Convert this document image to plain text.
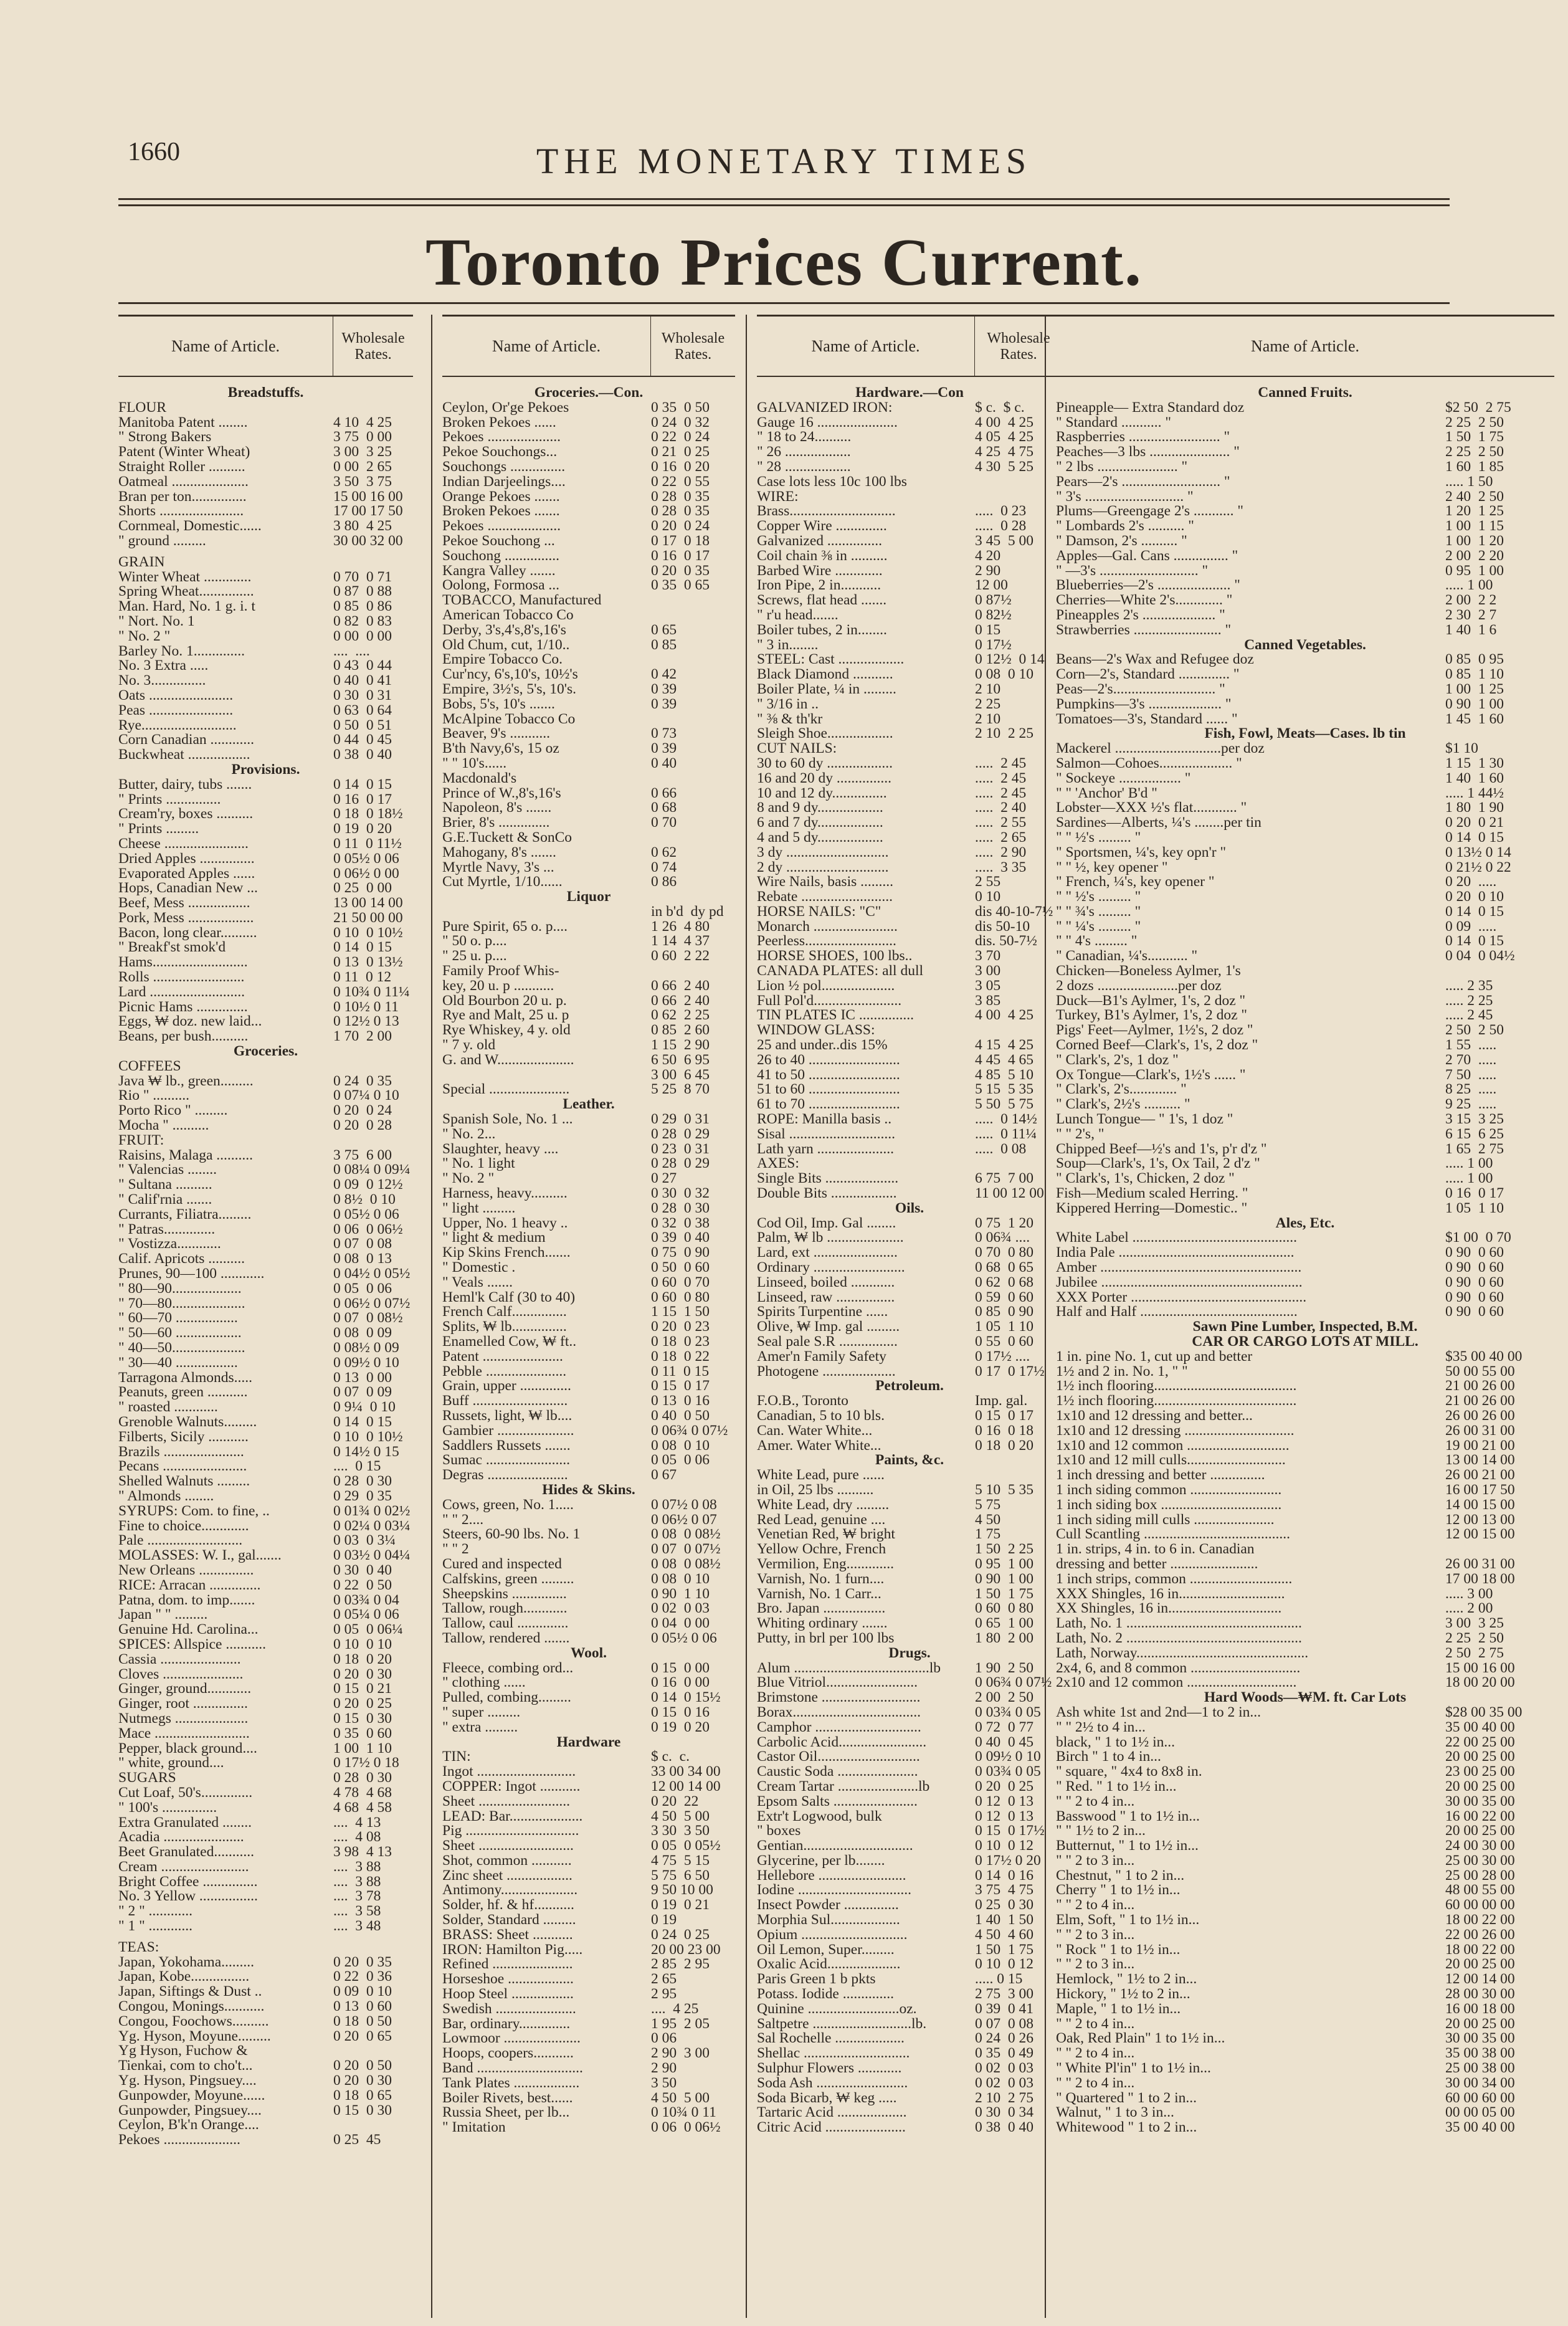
1660	THE MONETARY TIMES
Toronto Prices Current.
Name of Article.	Wholesale Rates.
Breadstuffs.
FLOUR
Manitoba Patent ........	4 10  4 25
" Strong Bakers	3 75  0 00
Patent (Winter Wheat)	3 00  3 25
Straight Roller ..........	0 00  2 65
Oatmeal .....................	3 50  3 75
Bran per ton...............	15 00 16 00
Shorts .......................	17 00 17 50
Cornmeal, Domestic......	3 80  4 25
" ground .........	30 00 32 00
GRAIN
Winter Wheat .............	0 70  0 71
Spring Wheat...............	0 87  0 88
Man. Hard, No. 1 g. i. t	0 85  0 86
" Nort. No. 1	0 82  0 83
" No. 2 "	0 00  0 00
Barley No. 1..............	....  ....
No. 3 Extra .....	0 43  0 44
No. 3...............	0 40  0 41
Oats .......................	0 30  0 31
Peas .......................	0 63  0 64
Rye..........................	0 50  0 51
Corn Canadian ............	0 44  0 45
Buckwheat .................	0 38  0 40
Provisions.
Butter, dairy, tubs .......	0 14  0 15
" Prints ...............	0 16  0 17
Cream'ry, boxes ..........	0 18  0 18½
" Prints .........	0 19  0 20
Cheese .......................	0 11  0 11½
Dried Apples ...............	0 05½ 0 06
Evaporated Apples ......	0 06½ 0 00
Hops, Canadian New ...	0 25  0 00
Beef, Mess .................	13 00 14 00
Pork, Mess ..................	21 50 00 00
Bacon, long clear..........	0 10  0 10½
" Breakf'st smok'd	0 14  0 15
Hams..........................	0 13  0 13½
Rolls .........................	0 11  0 12
Lard ..........................	0 10¾ 0 11¼
Picnic Hams ..............	0 10½ 0 11
Eggs, ₩ doz. new laid...	0 12½ 0 13
Beans, per bush..........	1 70  2 00
Groceries.
COFFEES
Java ₩ lb., green.........	0 24  0 35
Rio " ..........	0 07¼ 0 10
Porto Rico " .........	0 20  0 24
Mocha " ..........	0 20  0 28
FRUIT:
Raisins, Malaga ..........	3 75  6 00
" Valencias ........	0 08¼ 0 09¼
" Sultana ..........	0 09  0 12½
" Calif'rnia .......	0 8½  0 10
Currants, Filiatra.........	0 05½ 0 06
" Patras..............	0 06  0 06½
" Vostizza............	0 07  0 08
Calif. Apricots ..........	0 08  0 13
Prunes, 90—100 ............	0 04½ 0 05½
" 80—90...................	0 05  0 06
" 70—80....................	0 06½ 0 07½
" 60—70 .................	0 07  0 08½
" 50—60 ..................	0 08  0 09
" 40—50....................	0 08½ 0 09
" 30—40 .................	0 09½ 0 10
Tarragona Almonds.....	0 13  0 00
Peanuts, green ...........	0 07  0 09
" roasted ............	0 9¼  0 10
Grenoble Walnuts.........	0 14  0 15
Filberts, Sicily ...........	0 10  0 10½
Brazils ......................	0 14½ 0 15
Pecans .......................	....  0 15
Shelled Walnuts .........	0 28  0 30
" Almonds ........	0 29  0 35
SYRUPS: Com. to fine, ..	0 01¾ 0 02½
Fine to choice.............	0 02¼ 0 03¼
Pale ..........................	0 03  0 3¼
MOLASSES: W. I., gal.......	0 03½ 0 04¼
New Orleans ...............	0 30  0 40
RICE: Arracan ..............	0 22  0 50
Patna, dom. to imp.......	0 03¾ 0 04
Japan " " .........	0 05¼ 0 06
Genuine Hd. Carolina...	0 05  0 06¼
SPICES: Allspice ...........	0 10  0 10
Cassia ......................	0 18  0 20
Cloves ......................	0 20  0 30
Ginger, ground............	0 15  0 21
Ginger, root ...............	0 20  0 25
Nutmegs ....................	0 15  0 30
Mace ..........................	0 35  0 60
Pepper, black ground....	1 00  1 10
" white, ground....	0 17½ 0 18
SUGARS	0 28  0 30
Cut Loaf, 50's..............	4 78  4 68
" 100's ...............	4 68  4 58
Extra Granulated ........	....  4 13
Acadia ......................	....  4 08
Beet Granulated...........	3 98  4 13
Cream ........................	....  3 88
Bright Coffee ...............	....  3 88
No. 3 Yellow ................	....  3 78
" 2 " ............	....  3 58
" 1 " ............	....  3 48
TEAS:
Japan, Yokohama.........	0 20  0 35
Japan, Kobe................	0 22  0 36
Japan, Siftings & Dust ..	0 09  0 10
Congou, Monings...........	0 13  0 60
Congou, Foochows..........	0 18  0 50
Yg. Hyson, Moyune.........	0 20  0 65
Yg Hyson, Fuchow &
Tienkai, com to cho't...	0 20  0 50
Yg. Hyson, Pingsuey....	0 20  0 30
Gunpowder, Moyune......	0 18  0 65
Gunpowder, Pingsuey....	0 15  0 30
Ceylon, B'k'n Orange....
Pekoes .....................	0 25  45
Name of Article.	Wholesale Rates.
Groceries.—Con.
Ceylon, Or'ge Pekoes	0 35  0 50
Broken Pekoes ......	0 24  0 32
Pekoes ....................	0 22  0 24
Pekoe Souchongs...	0 21  0 25
Souchongs ...............	0 16  0 20
Indian Darjeelings....	0 22  0 55
Orange Pekoes .......	0 28  0 35
Broken Pekoes .......	0 28  0 35
Pekoes ....................	0 20  0 24
Pekoe Souchong ...	0 17  0 18
Souchong ...............	0 16  0 17
Kangra Valley .......	0 20  0 35
Oolong, Formosa ...	0 35  0 65
TOBACCO, Manufactured
American Tobacco Co
Derby, 3's,4's,8's,16's	0 65
Old Chum, cut, 1/10..	0 85
Empire Tobacco Co.
Cur'ncy, 6's,10's, 10½'s	0 42
Empire, 3½'s, 5's, 10's.	0 39
Bobs, 5's, 10's .......	0 39
McAlpine Tobacco Co
Beaver, 9's ...........	0 73
B'th Navy,6's, 15 oz	0 39
" " 10's......	0 40
Macdonald's
Prince of W.,8's,16's	0 66
Napoleon, 8's .......	0 68
Brier, 8's ..............	0 70
G.E.Tuckett & SonCo
Mahogany, 8's .......	0 62
Myrtle Navy, 3's ...	0 74
Cut Myrtle, 1/10......	0 86
Liquor
in b'd  dy pd
Pure Spirit, 65 o. p....	1 26  4 80
" 50 o. p....	1 14  4 37
" 25 u. p....	0 60  2 22
Family Proof Whis-
key, 20 u. p ...........	0 66  2 40
Old Bourbon 20 u. p.	0 66  2 40
Rye and Malt, 25 u. p	0 62  2 25
Rye Whiskey, 4 y. old	0 85  2 60
" 7 y. old	1 15  2 90
G. and W.....................	6 50  6 95
3 00  6 45
Special ......................	5 25  8 70
Leather.
Spanish Sole, No. 1 ...	0 29  0 31
" No. 2...	0 28  0 29
Slaughter, heavy ....	0 23  0 31
" No. 1 light	0 28  0 29
" No. 2 "	0 27
Harness, heavy..........	0 30  0 32
" light .........	0 28  0 30
Upper, No. 1 heavy ..	0 32  0 38
" light & medium	0 39  0 40
Kip Skins French.......	0 75  0 90
" Domestic .	0 50  0 60
" Veals .......	0 60  0 70
Heml'k Calf (30 to 40)	0 60  0 80
French Calf...............	1 15  1 50
Splits, ₩ lb...............	0 20  0 23
Enamelled Cow, ₩ ft..	0 18  0 23
Patent ......................	0 18  0 22
Pebble ......................	0 11  0 15
Grain, upper ..............	0 15  0 17
Buff ..........................	0 13  0 16
Russets, light, ₩ lb....	0 40  0 50
Gambier .....................	0 06¾ 0 07½
Saddlers Russets .......	0 08  0 10
Sumac .......................	0 05  0 06
Degras ......................	0 67
Hides & Skins.
Cows, green, No. 1.....	0 07½ 0 08
" " 2....	0 06½ 0 07
Steers, 60-90 lbs. No. 1	0 08  0 08½
" " 2	0 07  0 07½
Cured and inspected	0 08  0 08½
Calfskins, green .........	0 08  0 10
Sheepskins ...............	0 90  1 10
Tallow, rough............	0 02  0 03
Tallow, caul ..............	0 04  0 00
Tallow, rendered .......	0 05½ 0 06
Wool.
Fleece, combing ord...	0 15  0 00
" clothing ......	0 16  0 00
Pulled, combing.........	0 14  0 15½
" super .........	0 15  0 16
" extra .........	0 19  0 20
Hardware
TIN:	$ c.  c.
Ingot ...........................	33 00 34 00
COPPER: Ingot ...........	12 00 14 00
Sheet .........................	0 20  22
LEAD: Bar....................	4 50  5 00
Pig ...............................	3 30  3 50
Sheet ..........................	0 05  0 05½
Shot, common ...........	4 75  5 15
Zinc sheet ..................	5 75  6 50
Antimony.....................	9 50 10 00
Solder, hf. & hf...........	0 19  0 21
Solder, Standard .........	0 19
BRASS: Sheet ...........	0 24  0 25
IRON: Hamilton Pig.....	20 00 23 00
Refined ......................	2 85  2 95
Horseshoe ..................	2 65
Hoop Steel .................	2 95
Swedish ......................	....  4 25
Bar, ordinary..............	1 95  2 05
Lowmoor .....................	0 06
Hoops, coopers...........	2 90  3 00
Band .............................	2 90
Tank Plates ..................	3 50
Boiler Rivets, best......	4 50  5 00
Russia Sheet, per lb...	0 10¾ 0 11
" Imitation	0 06  0 06½
Name of Article.	Wholesale Rates.
Hardware.—Con
GALVANIZED IRON:	$ c.  $ c.
Gauge 16 ......................	4 00  4 25
" 18 to 24..........	4 05  4 25
" 26 ..................	4 25  4 75
" 28 ..................	4 30  5 25
Case lots less 10c 100 lbs
WIRE:
Brass.............................	.....  0 23
Copper Wire ..............	.....  0 28
Galvanized ...............	3 45  5 00
Coil chain ⅜ in ..........	4 20
Barbed Wire .............	2 90
Iron Pipe, 2 in...........	12 00
Screws, flat head .......	0 87½
" r'u head.......	0 82½
Boiler tubes, 2 in........	0 15
" 3 in........	0 17½
STEEL: Cast ..................	0 12½  0 14
Black Diamond ...........	0 08  0 10
Boiler Plate, ¼ in .........	2 10
" 3/16 in ..	2 25
" ⅜ & th'kr	2 10
Sleigh Shoe..................	2 10  2 25
CUT NAILS:
30 to 60 dy ..................	.....  2 45
16 and 20 dy ...............	.....  2 45
10 and 12 dy...............	.....  2 45
8 and 9 dy..................	.....  2 40
6 and 7 dy..................	.....  2 55
4 and 5 dy..................	.....  2 65
3 dy ............................	.....  2 90
2 dy ............................	.....  3 35
Wire Nails, basis .........	2 55
Rebate .........................	0 10
HORSE NAILS: "C"	dis 40-10-7½
Monarch .......................	dis 50-10
Peerless.........................	dis. 50-7½
HORSE SHOES, 100 lbs..	3 70
CANADA PLATES: all dull	3 00
Lion ½ pol....................	3 05
Full Pol'd........................	3 85
TIN PLATES IC ...............	4 00  4 25
WINDOW GLASS:
25 and under..dis 15%	4 15  4 25
26 to 40 .........................	4 45  4 65
41 to 50 .........................	4 85  5 10
51 to 60 .........................	5 15  5 35
61 to 70 .........................	5 50  5 75
ROPE: Manilla basis ..	.....  0 14½
Sisal .............................	.....  0 11¼
Lath yarn .....................	.....  0 08
AXES:
Single Bits ....................	6 75  7 00
Double Bits ..................	11 00 12 00
Oils.
Cod Oil, Imp. Gal ........	0 75  1 20
Palm, ₩ lb .....................	0 06¾ ....
Lard, ext .......................	0 70  0 80
Ordinary .........................	0 68  0 65
Linseed, boiled ............	0 62  0 68
Linseed, raw ................	0 59  0 60
Spirits Turpentine ......	0 85  0 90
Olive, ₩ Imp. gal .........	1 05  1 10
Seal pale S.R ................	0 55  0 60
Amer'n Family Safety	0 17½ ....
Photogene ....................	0 17  0 17½
Petroleum.
F.O.B., Toronto	Imp. gal.
Canadian, 5 to 10 bls.	0 15  0 17
Can. Water White...	0 16  0 18
Amer. Water White...	0 18  0 20
Paints, &c.
White Lead, pure ......
in Oil, 25 lbs ..........	5 10  5 35
White Lead, dry .........	5 75
Red Lead, genuine ....	4 50
Venetian Red, ₩ bright	1 75
Yellow Ochre, French	1 50  2 25
Vermilion, Eng.............	0 95  1 00
Varnish, No. 1 furn....	0 90  1 00
Varnish, No. 1 Carr...	1 50  1 75
Bro. Japan .................	0 60  0 80
Whiting ordinary .......	0 65  1 00
Putty, in brl per 100 lbs	1 80  2 00
Drugs.
Alum .....................................lb	1 90  2 50
Blue Vitriol.........................	0 06¾ 0 07½
Brimstone ...........................	2 00  2 50
Borax...................................	0 03¾ 0 05
Camphor .............................	0 72  0 77
Carbolic Acid........................	0 40  0 45
Castor Oil............................	0 09½ 0 10
Caustic Soda ......................	0 03¾ 0 05
Cream Tartar ......................lb	0 20  0 25
Epsom Salts .......................	0 12  0 13
Extr't Logwood, bulk	0 12  0 13
" boxes	0 15  0 17½
Gentian..............................	0 10  0 12
Glycerine, per lb........	0 17½ 0 20
Hellebore ........................	0 14  0 16
Iodine ...............................	3 75  4 75
Insect Powder ...............	0 25  0 30
Morphia Sul...................	1 40  1 50
Opium .............................	4 50  4 60
Oil Lemon, Super.........	1 50  1 75
Oxalic Acid....................	0 10  0 12
Paris Green 1 b pkts	..... 0 15
Potass. Iodide ..............	2 75  3 00
Quinine .........................oz.	0 39  0 41
Saltpetre ...........................lb.	0 07  0 08
Sal Rochelle ...................	0 24  0 26
Shellac .............................	0 35  0 49
Sulphur Flowers ............	0 02  0 03
Soda Ash .........................	0 02  0 03
Soda Bicarb, ₩ keg .....	2 10  2 75
Tartaric Acid ...................	0 30  0 34
Citric Acid ......................	0 38  0 40
Name of Article.
Canned Fruits.
Pineapple— Extra Standard doz	$2 50  2 75
" Standard ........... "	2 25  2 50
Raspberries ......................... "	1 50  1 75
Peaches—3 lbs ...................... "	2 25  2 50
" 2 lbs ...................... "	1 60  1 85
Pears—2's ........................... "	..... 1 50
" 3's ........................... "	2 40  2 50
Plums—Greengage 2's ........... "	1 20  1 25
" Lombards 2's .......... "	1 00  1 15
" Damson, 2's .......... "	1 00  1 20
Apples—Gal. Cans ............... "	2 00  2 20
" —3's ........................... "	0 95  1 00
Blueberries—2's .................... "	..... 1 00
Cherries—White 2's............. "	2 00  2 2
Pineapples 2's .................... "	2 30  2 7
Strawberries ........................ "	1 40  1 6
Canned Vegetables.
Beans—2's Wax and Refugee doz	0 85  0 95
Corn—2's, Standard .............. "	0 85  1 10
Peas—2's............................ "	1 00  1 25
Pumpkins—3's .................... "	0 90  1 00
Tomatoes—3's, Standard ...... "	1 45  1 60
Fish, Fowl, Meats—Cases. lb tin
Mackerel .............................per doz	$1 10
Salmon—Cohoes.................... "	1 15  1 30
" Sockeye ................. "	1 40  1 60
" " 'Anchor' B'd "	..... 1 44½
Lobster—XXX ½'s flat............ "	1 80  1 90
Sardines—Alberts, ¼'s ........per tin	0 20  0 21
" " ½'s ......... "	0 14  0 15
" Sportsmen, ¼'s, key opn'r "	0 13½ 0 14
" " ½, key opener "	0 21½ 0 22
" French, ¼'s, key opener "	0 20  .....
" " ½'s ......... "	0 20  0 10
" " ¾'s ......... "	0 14  0 15
" " ¼'s ......... "	0 09  .....
" " 4's ......... "	0 14  0 15
" Canadian, ¼'s........... "	0 04  0 04½
Chicken—Boneless Aylmer, 1's
2 dozs ......................per doz	..... 2 35
Duck—B1's Aylmer, 1's, 2 doz "	..... 2 25
Turkey, B1's Aylmer, 1's, 2 doz "	..... 2 45
Pigs' Feet—Aylmer, 1½'s, 2 doz "	2 50  2 50
Corned Beef—Clark's, 1's, 2 doz "	1 55  .....
" Clark's, 2's, 1 doz "	2 70  .....
Ox Tongue—Clark's, 1½'s ...... "	7 50  .....
" Clark's, 2's............. "	8 25  .....
" Clark's, 2½'s .......... "	9 25  .....
Lunch Tongue— " 1's, 1 doz "	3 15  3 25
" " 2's, "	6 15  6 25
Chipped Beef—½'s and 1's, p'r d'z "	1 65  2 75
Soup—Clark's, 1's, Ox Tail, 2 d'z "	..... 1 00
" Clark's, 1's, Chicken, 2 doz "	..... 1 00
Fish—Medium scaled Herring. "	0 16  0 17
Kippered Herring—Domestic.. "	1 05  1 10
Ales, Etc.
White Label .............................................	$1 00  0 70
India Pale ................................................	0 90  0 60
Amber .......................................................	0 90  0 60
Jubilee .......................................................	0 90  0 60
XXX Porter ................................................	0 90  0 60
Half and Half ...........................................	0 90  0 60
Sawn Pine Lumber, Inspected, B.M.
CAR OR CARGO LOTS AT MILL.
1 in. pine No. 1, cut up and better	$35 00 40 00
1½ and 2 in. No. 1, " "	50 00 55 00
1½ inch flooring.......................................	21 00 26 00
1½ inch flooring.......................................	21 00 26 00
1x10 and 12 dressing and better...	26 00 26 00
1x10 and 12 dressing ..............................	26 00 31 00
1x10 and 12 common ............................	19 00 21 00
1x10 and 12 mill culls...........................	13 00 14 00
1 inch dressing and better ...............	26 00 21 00
1 inch siding common .........................	16 00 17 50
1 inch siding box .................................	14 00 15 00
1 inch siding mill culls ......................	12 00 13 00
Cull Scantling ........................................	12 00 15 00
1 in. strips, 4 in. to 6 in. Canadian
dressing and better ........................	26 00 31 00
1 inch strips, common ............................	17 00 18 00
XXX Shingles, 16 in.............................	..... 3 00
XX Shingles, 16 in...............................	..... 2 00
Lath, No. 1 ................................................	3 00  3 25
Lath, No. 2 ................................................	2 25  2 50
Lath, Norway...............................................	2 50  2 75
2x4, 6, and 8 common ..............................	15 00 16 00
2x10 and 12 common ..............................	18 00 20 00
Hard Woods—₩M. ft. Car Lots
Ash white 1st and 2nd—1 to 2 in...	$28 00 35 00
" " 2½ to 4 in...	35 00 40 00
black, " 1 to 1½ in...	22 00 25 00
Birch " 1 to 4 in...	20 00 25 00
" square, " 4x4 to 8x8 in.	23 00 25 00
" Red. " 1 to 1½ in...	20 00 25 00
" " 2 to 4 in...	30 00 35 00
Basswood " 1 to 1½ in...	16 00 22 00
" " 1½ to 2 in...	20 00 25 00
Butternut, " 1 to 1½ in...	24 00 30 00
" " 2 to 3 in...	25 00 30 00
Chestnut, " 1 to 2 in...	25 00 28 00
Cherry " 1 to 1½ in...	48 00 55 00
" " 2 to 4 in...	60 00 00 00
Elm, Soft, " 1 to 1½ in...	18 00 22 00
" " 2 to 3 in...	22 00 26 00
" Rock " 1 to 1½ in...	18 00 22 00
" " 2 to 3 in...	20 00 25 00
Hemlock, " 1½ to 2 in...	12 00 14 00
Hickory, " 1½ to 2 in...	28 00 30 00
Maple, " 1 to 1½ in...	16 00 18 00
" " 2 to 4 in...	20 00 25 00
Oak, Red Plain" 1 to 1½ in...	30 00 35 00
" " 2 to 4 in...	35 00 38 00
" White Pl'in" 1 to 1½ in...	25 00 38 00
" " 2 to 4 in...	30 00 34 00
" Quartered " 1 to 2 in...	60 00 60 00
Walnut, " 1 to 3 in...	00 00 05 00
Whitewood " 1 to 2 in...	35 00 40 00
